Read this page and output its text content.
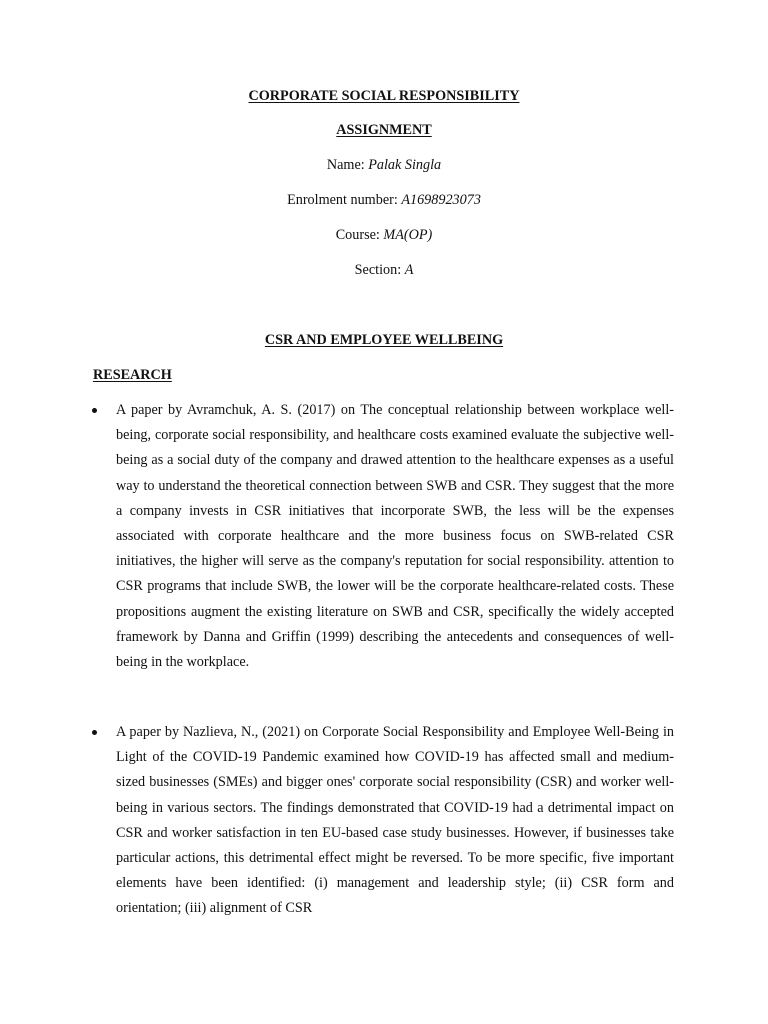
CORPORATE SOCIAL RESPONSIBILITY

ASSIGNMENT

Name: Palak Singla

Enrolment number: A1698923073

Course: MA(OP)

Section: A

CSR AND EMPLOYEE WELLBEING

RESEARCH

A paper by Avramchuk, A. S. (2017) on The conceptual relationship between workplace well-being, corporate social responsibility, and healthcare costs examined evaluate the subjective well-being as a social duty of the company and drawed attention to the healthcare expenses as a useful way to understand the theoretical connection between SWB and CSR. They suggest that the more a company invests in CSR initiatives that incorporate SWB, the less will be the expenses associated with corporate healthcare and the more business focus on SWB-related CSR initiatives, the higher will serve as the company's reputation for social responsibility. attention to CSR programs that include SWB, the lower will be the corporate healthcare-related costs. These propositions augment the existing literature on SWB and CSR, specifically the widely accepted framework by Danna and Griffin (1999) describing the antecedents and consequences of well-being in the workplace.

A paper by Nazlieva, N., (2021) on Corporate Social Responsibility and Employee Well-Being in Light of the COVID-19 Pandemic examined how COVID-19 has affected small and medium-sized businesses (SMEs) and bigger ones' corporate social responsibility (CSR) and worker well-being in various sectors. The findings demonstrated that COVID-19 had a detrimental impact on CSR and worker satisfaction in ten EU-based case study businesses. However, if businesses take particular actions, this detrimental effect might be reversed. To be more specific, five important elements have been identified: (i) management and leadership style; (ii) CSR form and orientation; (iii) alignment of CSR
